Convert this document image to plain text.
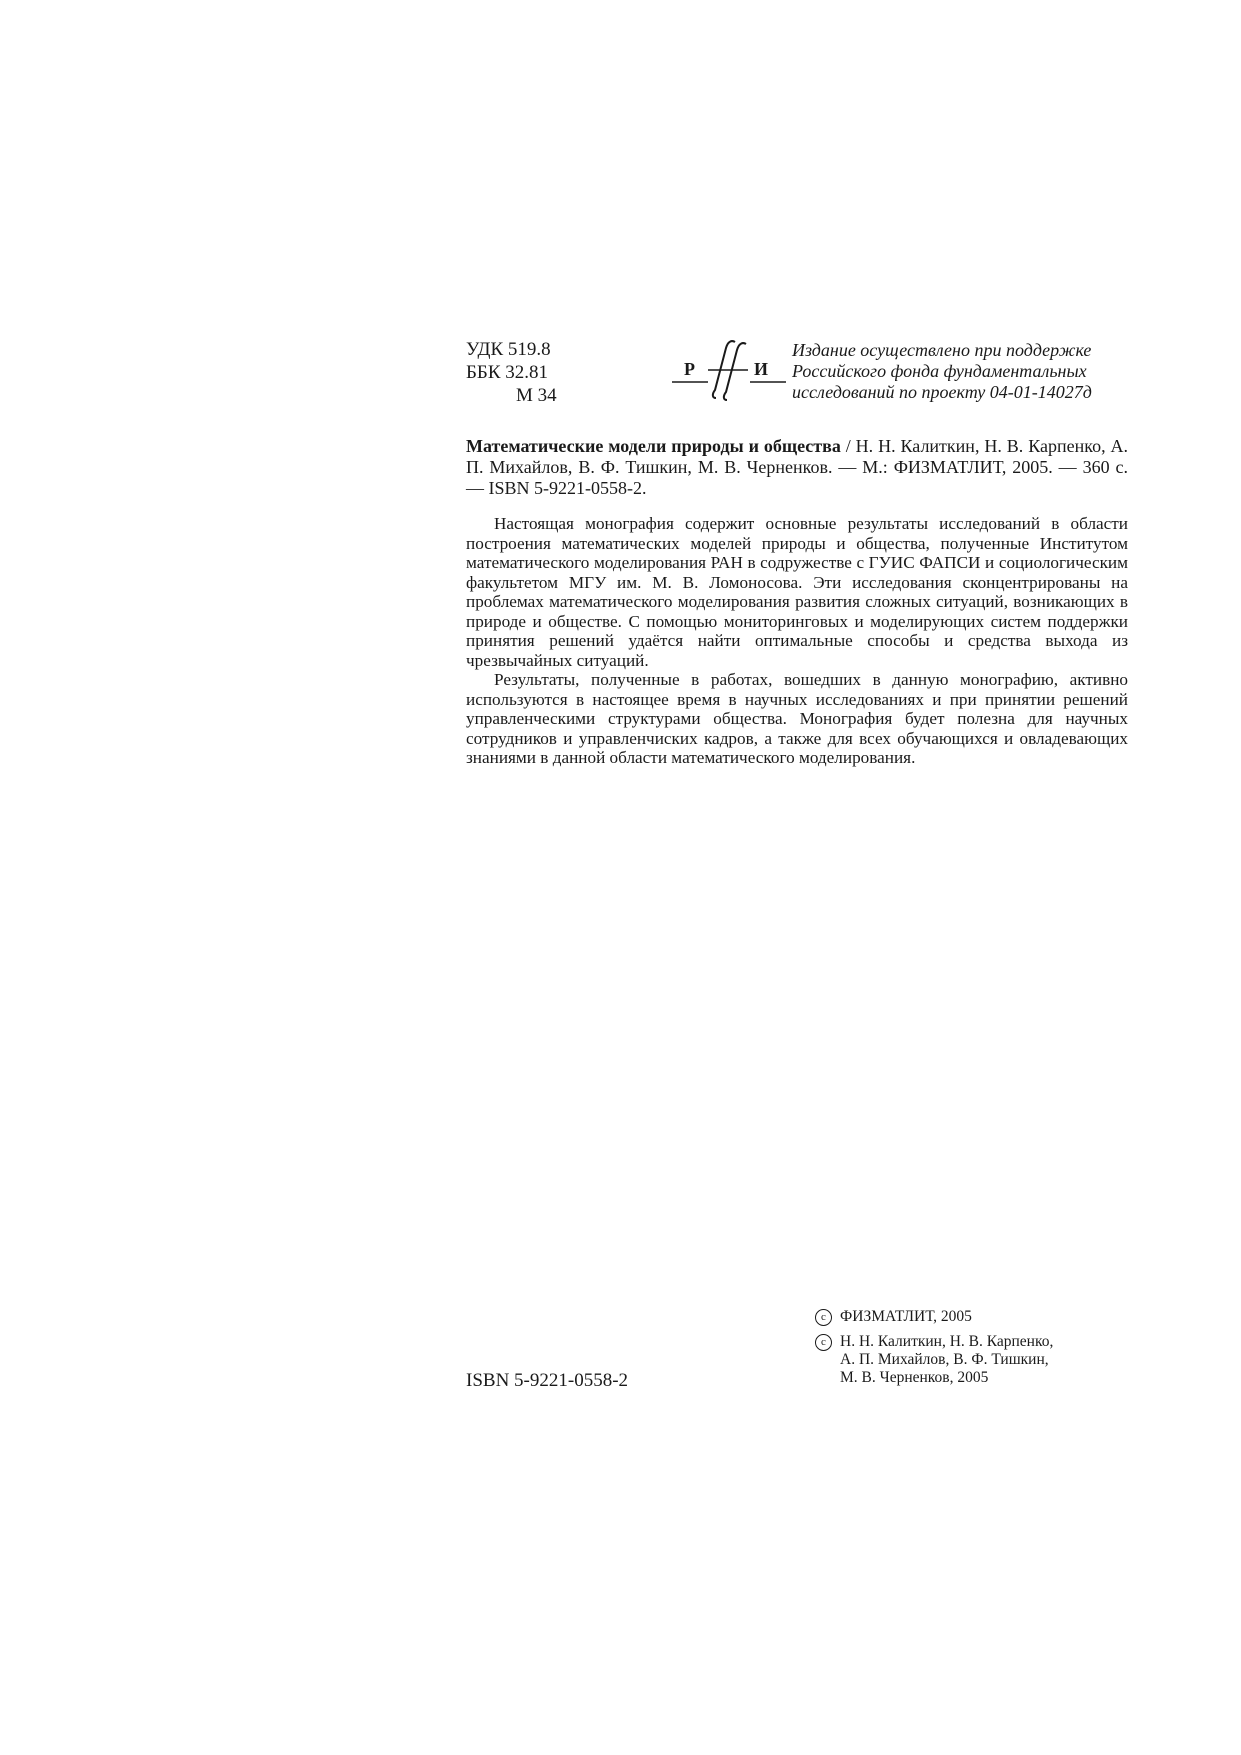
УДК 519.8
ББК 32.81
М 34
Р	И
Издание осуществлено при поддержке
Российского фонда фундаментальных
исследований по проекту 04-01-14027д
Математические модели природы и общества / Н. Н. Калиткин, Н. В. Карпенко, А. П. Михайлов, В. Ф. Тишкин, М. В. Черненков. — М.: ФИЗМАТЛИТ, 2005. — 360 с. — ISBN 5-9221-0558-2.

Настоящая монография содержит основные результаты исследований в области построения математических моделей природы и общества, полученные Институтом математического моделирования РАН в содружестве с ГУИС ФАПСИ и социологическим факультетом МГУ им. М. В. Ломоносова. Эти исследования сконцентрированы на проблемах математического моделирования развития сложных ситуаций, возникающих в природе и обществе. С помощью мониторинговых и моделирующих систем поддержки принятия решений удаётся найти оптимальные способы и средства выхода из чрезвычайных ситуаций.

Результаты, полученные в работах, вошедших в данную монографию, активно используются в настоящее время в научных исследованиях и при принятии решений управленческими структурами общества. Монография будет полезна для научных сотрудников и управленчиских кадров, а также для всех обучающихся и овладевающих знаниями в данной области математического моделирования.

ISBN 5-9221-0558-2
c ФИЗМАТЛИТ, 2005
c Н. Н. Калиткин, Н. В. Карпенко,
А. П. Михайлов, В. Ф. Тишкин,
М. В. Черненков, 2005
